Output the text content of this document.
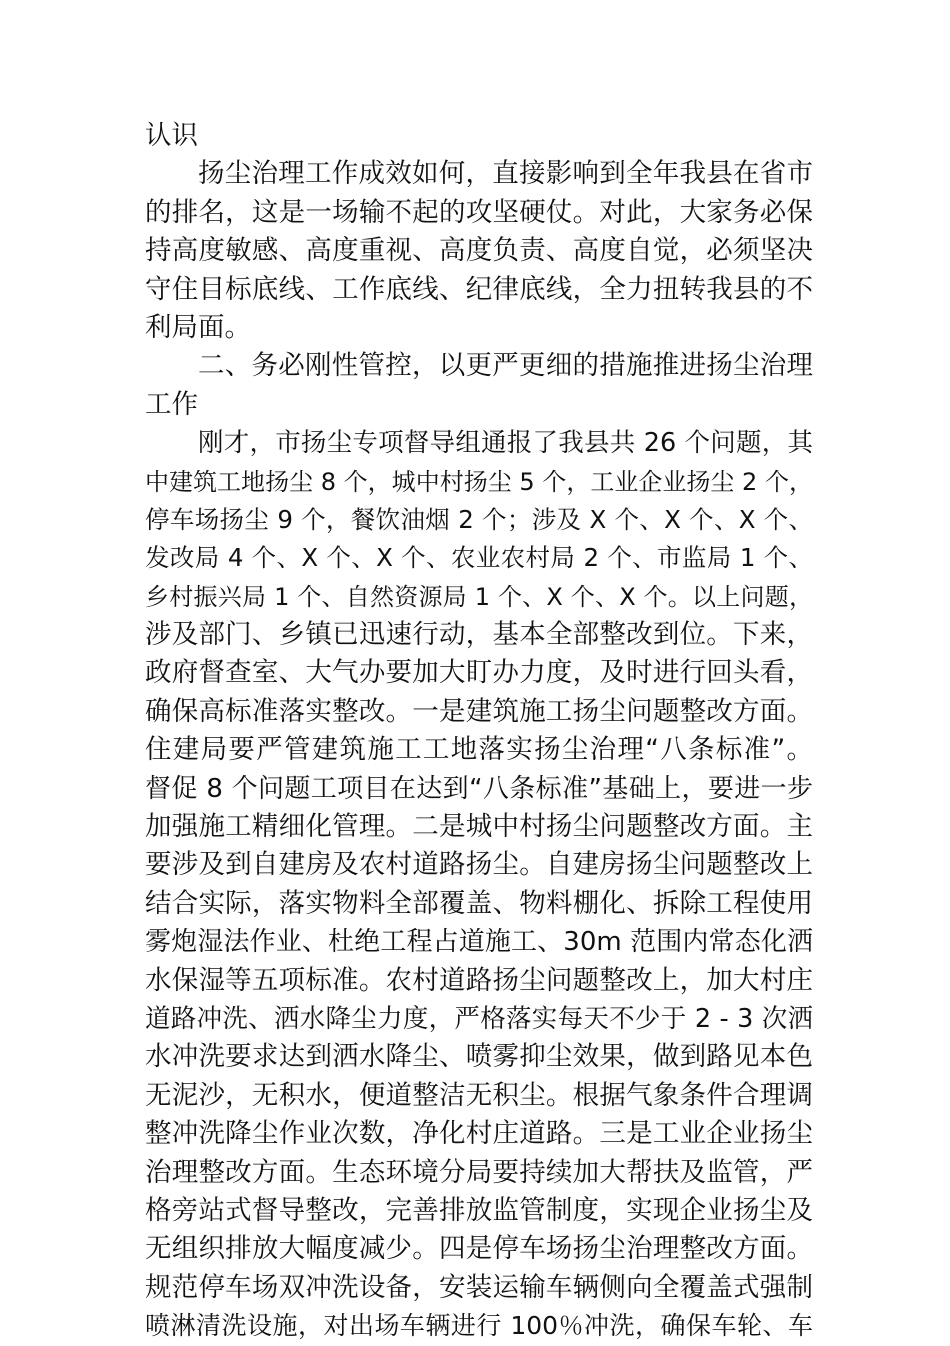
认识
扬尘治理工作成效如何，直接影响到全年我县在省市
的排名，这是一场输不起的攻坚硬仗。对此，大家务必保
持高度敏感、高度重视、高度负责、高度自觉，必须坚决
守住目标底线、工作底线、纪律底线，全力扭转我县的不
利局面。
二、务必刚性管控，以更严更细的措施推进扬尘治理
工作
刚才，市扬尘专项督导组通报了我县共 26 个问题，其
中建筑工地扬尘 8 个，城中村扬尘 5 个，工业企业扬尘 2 个，
停车场扬尘 9 个，餐饮油烟 2 个；涉及 X 个、X 个、X 个、
发改局 4 个、X 个、X 个、农业农村局 2 个、市监局 1 个、
乡村振兴局 1 个、自然资源局 1 个、X 个、X 个。以上问题，
涉及部门、乡镇已迅速行动，基本全部整改到位。下来，
政府督查室、大气办要加大盯办力度，及时进行回头看，
确保高标准落实整改。一是建筑施工扬尘问题整改方面。
住建局要严管建筑施工工地落实扬尘治理“八条标准”。
督促 8 个问题工项目在达到“八条标准”基础上，要进一步
加强施工精细化管理。二是城中村扬尘问题整改方面。主
要涉及到自建房及农村道路扬尘。自建房扬尘问题整改上
结合实际，落实物料全部覆盖、物料棚化、拆除工程使用
雾炮湿法作业、杜绝工程占道施工、30m 范围内常态化洒
水保湿等五项标准。农村道路扬尘问题整改上，加大村庄
道路冲洗、洒水降尘力度，严格落实每天不少于 2 - 3 次洒
水冲洗要求达到洒水降尘、喷雾抑尘效果，做到路见本色
无泥沙，无积水，便道整洁无积尘。根据气象条件合理调
整冲洗降尘作业次数，净化村庄道路。三是工业企业扬尘
治理整改方面。生态环境分局要持续加大帮扶及监管，严
格旁站式督导整改，完善排放监管制度，实现企业扬尘及
无组织排放大幅度减少。四是停车场扬尘治理整改方面。
规范停车场双冲洗设备，安装运输车辆侧向全覆盖式强制
喷淋清洗设施，对出场车辆进行 100％冲洗，确保车轮、车
